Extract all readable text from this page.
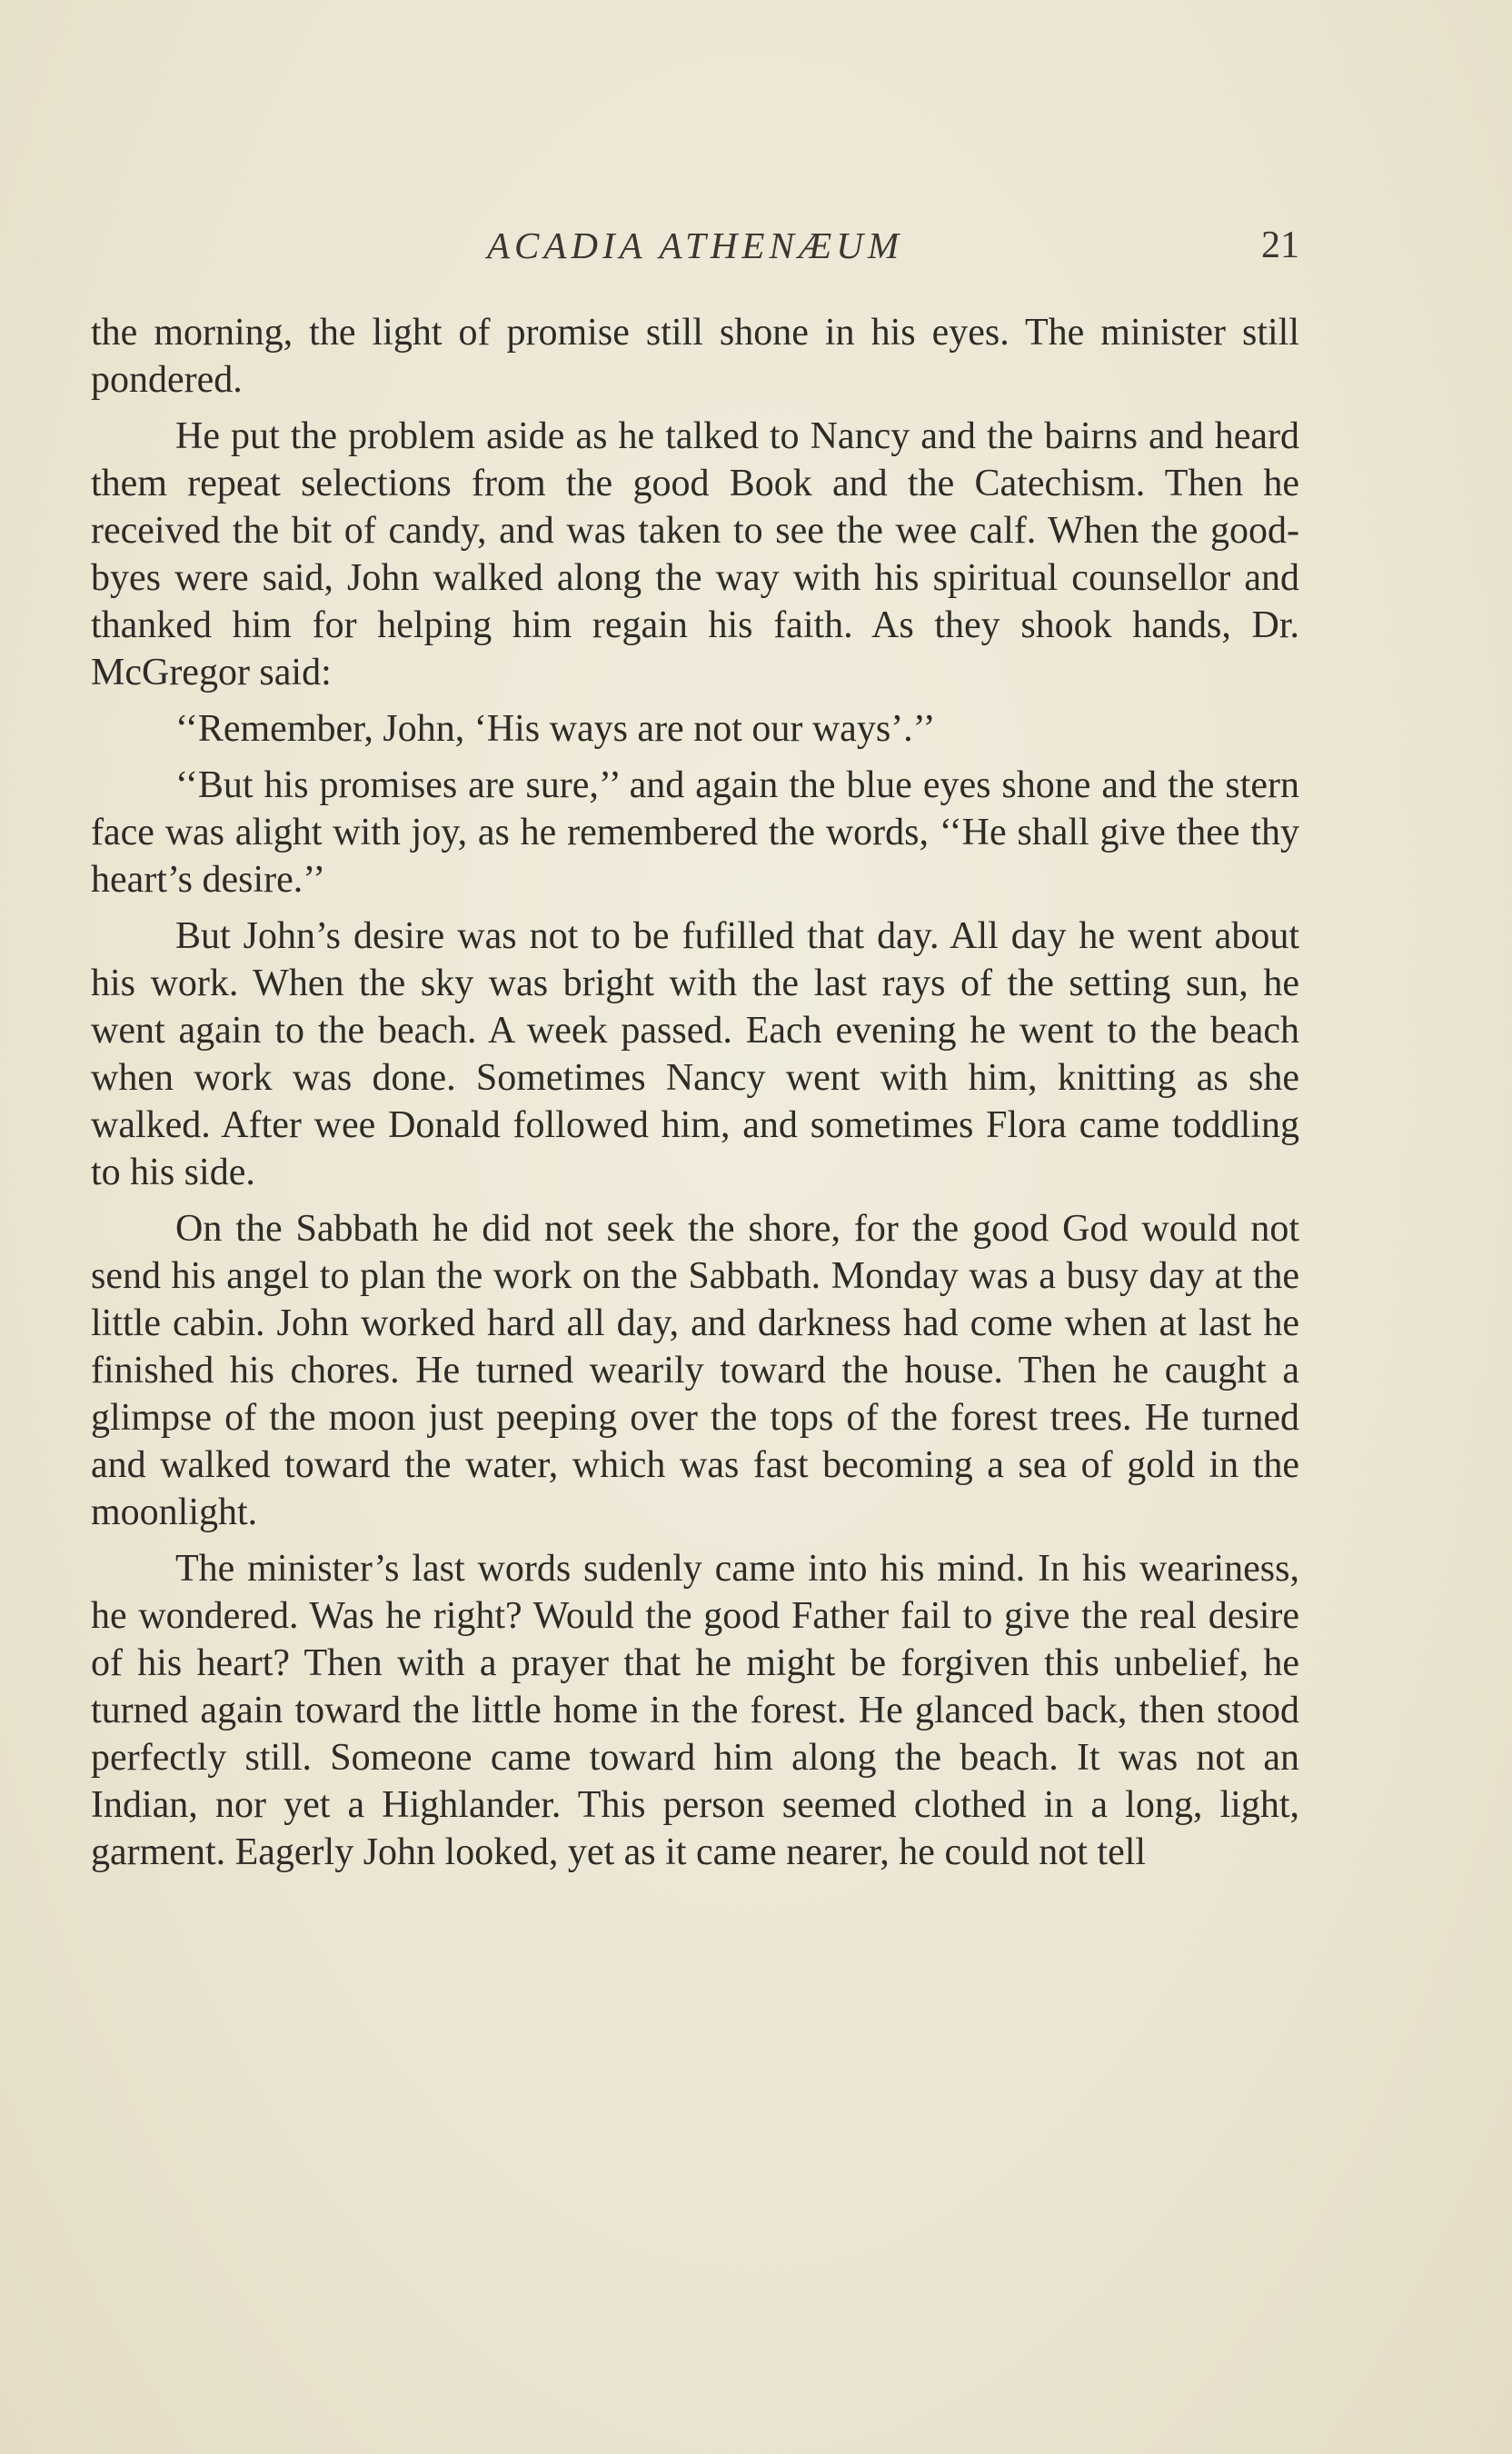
ACADIA ATHENÆUM	21

the morning, the light of promise still shone in his eyes. The minister still pondered.

He put the problem aside as he talked to Nancy and the bairns and heard them repeat selections from the good Book and the Catechism. Then he received the bit of candy, and was taken to see the wee calf. When the good-byes were said, John walked along the way with his spiritual counsellor and thanked him for helping him regain his faith. As they shook hands, Dr. McGregor said:

‘‘Remember, John, ‘His ways are not our ways’.’’

‘‘But his promises are sure,’’ and again the blue eyes shone and the stern face was alight with joy, as he remembered the words, ‘‘He shall give thee thy heart’s desire.’’

But John’s desire was not to be fufilled that day. All day he went about his work. When the sky was bright with the last rays of the setting sun, he went again to the beach. A week passed. Each evening he went to the beach when work was done. Sometimes Nancy went with him, knitting as she walked. After wee Donald followed him, and sometimes Flora came toddling to his side.

On the Sabbath he did not seek the shore, for the good God would not send his angel to plan the work on the Sabbath. Monday was a busy day at the little cabin. John worked hard all day, and darkness had come when at last he finished his chores. He turned wearily toward the house. Then he caught a glimpse of the moon just peeping over the tops of the forest trees. He turned and walked toward the water, which was fast becoming a sea of gold in the moonlight.

The minister’s last words sudenly came into his mind. In his weariness, he wondered. Was he right? Would the good Father fail to give the real desire of his heart? Then with a prayer that he might be forgiven this unbelief, he turned again toward the little home in the forest. He glanced back, then stood perfectly still. Someone came toward him along the beach. It was not an Indian, nor yet a Highlander. This person seemed clothed in a long, light, garment. Eagerly John looked, yet as it came nearer, he could not tell
